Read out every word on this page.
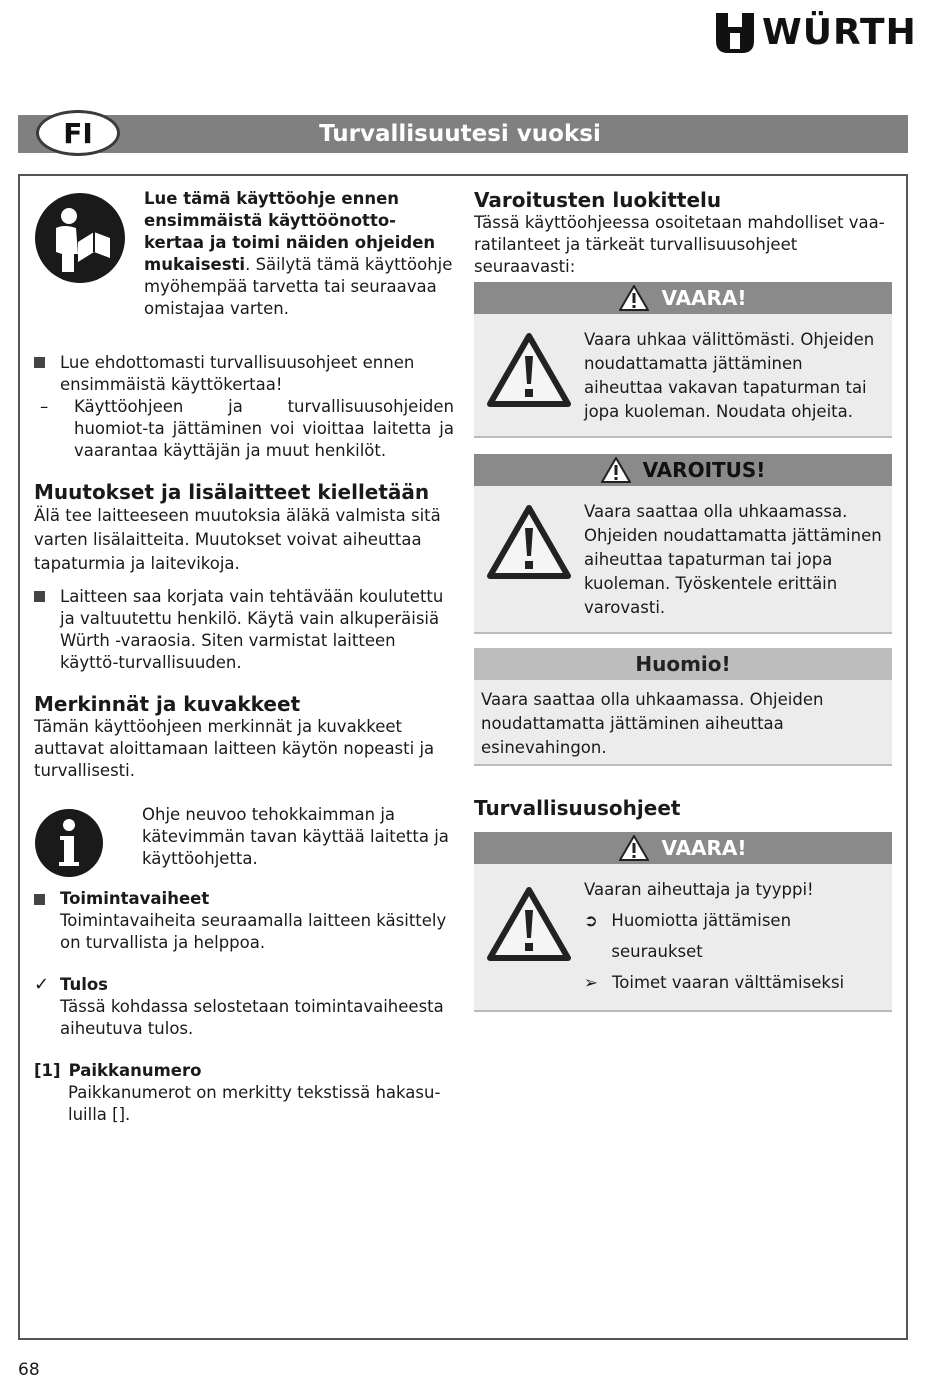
WÜRTH
FI	Turvallisuutesi vuoksi
Lue tämä käyttöohje ennen ensimmäistä käyttöönotto-kertaa ja toimi näiden ohjeiden mukaisesti. Säilytä tämä käyttöohje myöhempää tarvetta tai seuraavaa omistajaa varten.
Lue ehdottomasti turvallisuusohjeet ennen ensimmäistä käyttökertaa!
–	Käyttöohjeen ja turvallisuusohjeiden huomiot-ta jättäminen voi vioittaa laitetta ja vaarantaa käyttäjän ja muut henkilöt.
Muutokset ja lisälaitteet kielletään
Älä tee laitteeseen muutoksia äläkä valmista sitä varten lisälaitteita. Muutokset voivat aiheuttaa tapaturmia ja laitevikoja.
Laitteen saa korjata vain tehtävään koulutettu ja valtuutettu henkilö. Käytä vain alkuperäisiä Würth -varaosia. Siten varmistat laitteen käyttö-turvallisuuden.
Merkinnät ja kuvakkeet
Tämän käyttöohjeen merkinnät ja kuvakkeet auttavat aloittamaan laitteen käytön nopeasti ja turvallisesti.
Ohje neuvoo tehokkaimman ja kätevimmän tavan käyttää laitetta ja käyttöohjetta.
Toimintavaiheet
Toimintavaiheita seuraamalla laitteen käsittely on turvallista ja helppoa.
✓ Tulos
Tässä kohdassa selostetaan toimintavaiheesta aiheutuva tulos.
[1] Paikkanumero
Paikkanumerot on merkitty tekstissä hakasu-luilla [].
Varoitusten luokittelu
Tässä käyttöohjeessa osoitetaan mahdolliset vaa-ratilanteet ja tärkeät turvallisuusohjeet seuraavasti:
VAARA!
Vaara uhkaa välittömästi. Ohjeiden noudattamatta jättäminen aiheuttaa vakavan tapaturman tai jopa kuoleman. Noudata ohjeita.
VAROITUS!
Vaara saattaa olla uhkaamassa. Ohjeiden noudattamatta jättäminen aiheuttaa tapaturman tai jopa kuoleman. Työskentele erittäin varovasti.
Huomio!
Vaara saattaa olla uhkaamassa. Ohjeiden noudattamatta jättäminen aiheuttaa esinevahingon.
Turvallisuusohjeet
VAARA!
Vaaran aiheuttaja ja tyyppi!
➲ Huomiotta jättämisen seuraukset
➢ Toimet vaaran välttämiseksi
68
